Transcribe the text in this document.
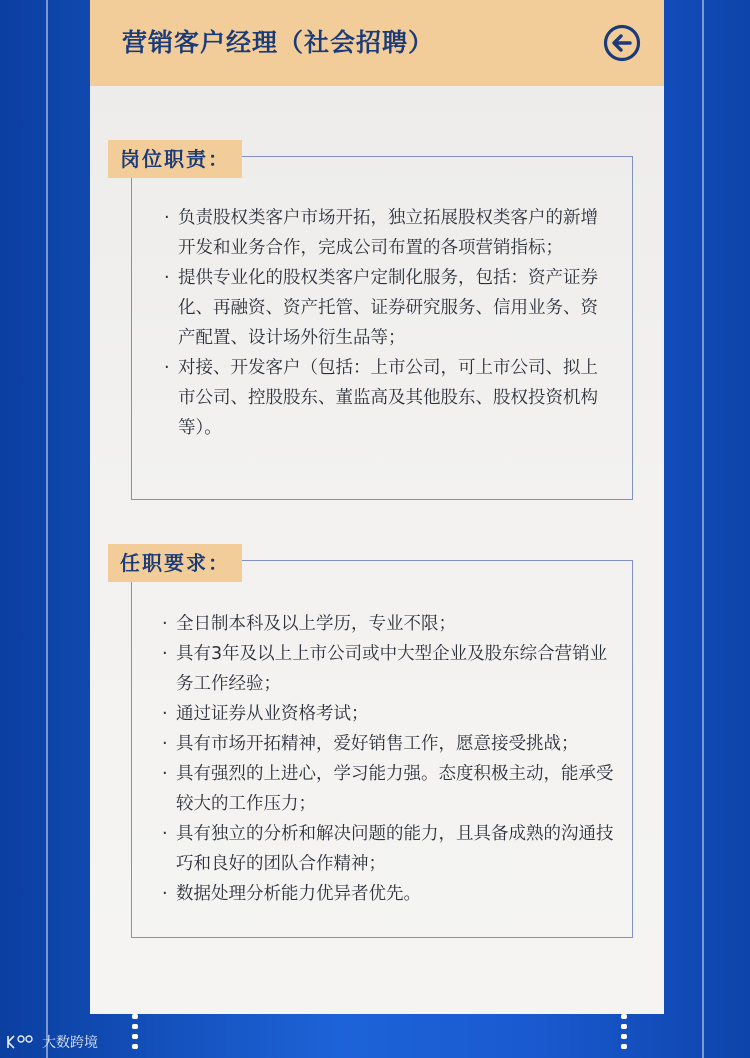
营销客户经理（社会招聘）
· 负责股权类客户市场开拓，独立拓展股权类客户的新增开发和业务合作，完成公司布置的各项营销指标；
· 提供专业化的股权类客户定制化服务，包括：资产证券化、再融资、资产托管、证券研究服务、信用业务、资产配置、设计场外衍生品等；
· 对接、开发客户（包括：上市公司，可上市公司、拟上市公司、控股股东、董监高及其他股东、股权投资机构等）。
岗位职责：
· 全日制本科及以上学历，专业不限；
· 具有3年及以上上市公司或中大型企业及股东综合营销业务工作经验；
· 通过证券从业资格考试；
· 具有市场开拓精神，爱好销售工作，愿意接受挑战；
· 具有强烈的上进心，学习能力强。态度积极主动，能承受较大的工作压力；
· 具有独立的分析和解决问题的能力，且具备成熟的沟通技巧和良好的团队合作精神；
· 数据处理分析能力优异者优先。
任职要求：
大数跨境
